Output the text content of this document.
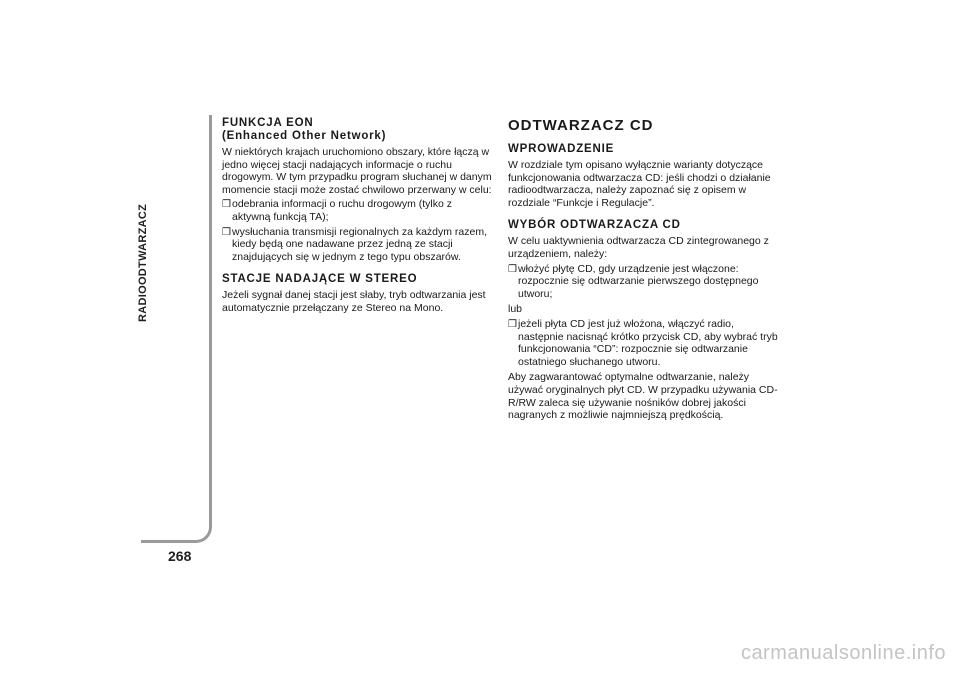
RADIOODTWARZACZ
268
FUNKCJA EON
(Enhanced Other Network)

W niektórych krajach uruchomiono obszary, które łączą w jedno więcej stacji nadających informacje o ruchu drogowym. W tym przypadku program słuchanej w danym momencie stacji może zostać chwilowo przerwany w celu:

❒ odebrania informacji o ruchu drogowym (tylko z aktywną funkcją TA);
❒ wysłuchania transmisji regionalnych za każdym razem, kiedy będą one nadawane przez jedną ze stacji znajdujących się w jednym z tego typu obszarów.
STACJE NADAJĄCE W STEREO

Jeżeli sygnał danej stacji jest słaby, tryb odtwarzania jest automatycznie przełączany ze Stereo na Mono.

ODTWARZACZ CD
WPROWADZENIE

W rozdziale tym opisano wyłącznie warianty dotyczące funkcjonowania odtwarzacza CD: jeśli chodzi o działanie radioodtwarzacza, należy zapoznać się z opisem w rozdziale “Funkcje i Regulacje”.

WYBÓR ODTWARZACZA CD

W celu uaktywnienia odtwarzacza CD zintegrowanego z urządzeniem, należy:

❒ włożyć płytę CD, gdy urządzenie jest włączone: rozpocznie się odtwarzanie pierwszego dostępnego utworu;

lub

❒ jeżeli płyta CD jest już włożona, włączyć radio, następnie nacisnąć krótko przycisk CD, aby wybrać tryb funkcjonowania “CD”: rozpocznie się odtwarzanie ostatniego słuchanego utworu.

Aby zagwarantować optymalne odtwarzanie, należy używać oryginalnych płyt CD. W przypadku używania CD-R/RW zaleca się używanie nośników dobrej jakości nagranych z możliwie najmniejszą prędkością.

carmanualsonline.info
